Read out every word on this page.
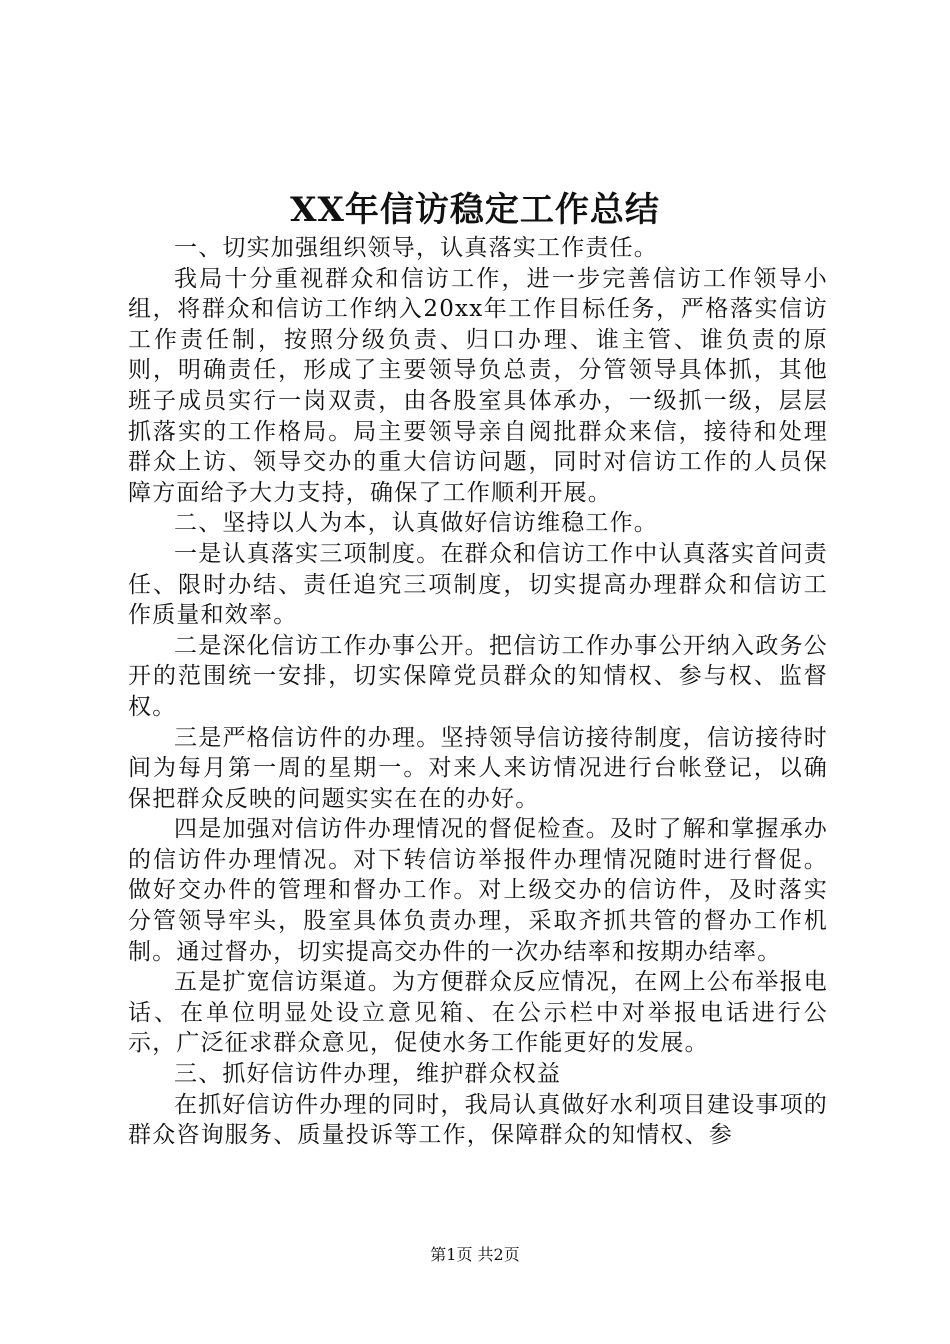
XX年信访稳定工作总结

一、切实加强组织领导，认真落实工作责任。

我局十分重视群众和信访工作，进一步完善信访工作领导小组，将群众和信访工作纳入20xx年工作目标任务，严格落实信访工作责任制，按照分级负责、归口办理、谁主管、谁负责的原则，明确责任，形成了主要领导负总责，分管领导具体抓，其他班子成员实行一岗双责，由各股室具体承办，一级抓一级，层层抓落实的工作格局。局主要领导亲自阅批群众来信，接待和处理群众上访、领导交办的重大信访问题，同时对信访工作的人员保障方面给予大力支持，确保了工作顺利开展。

二、坚持以人为本，认真做好信访维稳工作。

一是认真落实三项制度。在群众和信访工作中认真落实首问责任、限时办结、责任追究三项制度，切实提高办理群众和信访工作质量和效率。

二是深化信访工作办事公开。把信访工作办事公开纳入政务公开的范围统一安排，切实保障党员群众的知情权、参与权、监督权。

三是严格信访件的办理。坚持领导信访接待制度，信访接待时间为每月第一周的星期一。对来人来访情况进行台帐登记，以确保把群众反映的问题实实在在的办好。

四是加强对信访件办理情况的督促检查。及时了解和掌握承办的信访件办理情况。对下转信访举报件办理情况随时进行督促。做好交办件的管理和督办工作。对上级交办的信访件，及时落实分管领导牢头，股室具体负责办理，采取齐抓共管的督办工作机制。通过督办，切实提高交办件的一次办结率和按期办结率。

五是扩宽信访渠道。为方便群众反应情况，在网上公布举报电话、在单位明显处设立意见箱、在公示栏中对举报电话进行公示，广泛征求群众意见，促使水务工作能更好的发展。

三、抓好信访件办理，维护群众权益

在抓好信访件办理的同时，我局认真做好水利项目建设事项的群众咨询服务、质量投诉等工作，保障群众的知情权、参

第1页 共2页
